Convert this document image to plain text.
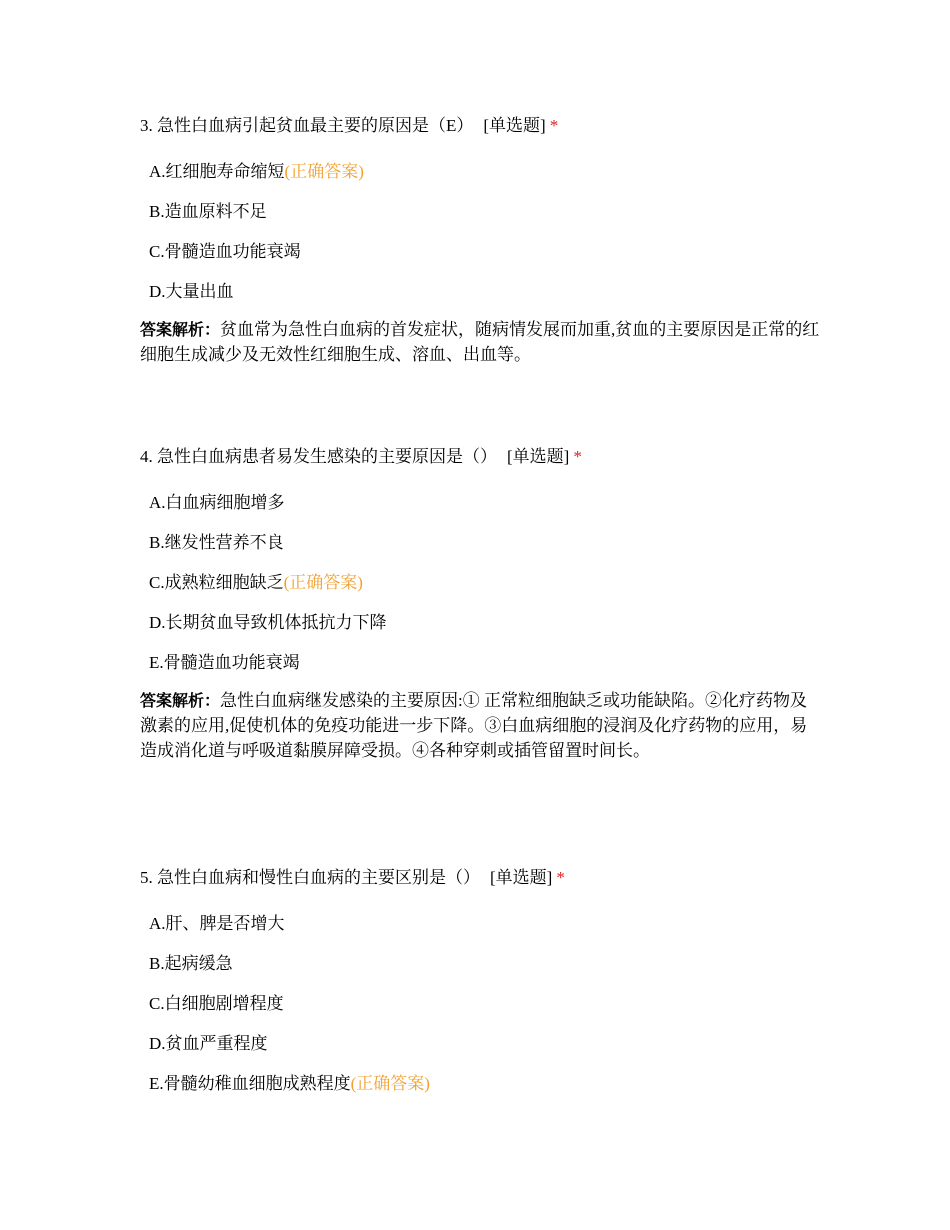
3. 急性白血病引起贫血最主要的原因是（E） [单选题] *
A.红细胞寿命缩短(正确答案)
B.造血原料不足
C.骨髓造血功能衰竭
D.大量出血
答案解析：贫血常为急性白血病的首发症状，随病情发展而加重,贫血的主要原因是正常的红细胞生成减少及无效性红细胞生成、溶血、出血等。
4. 急性白血病患者易发生感染的主要原因是（） [单选题] *
A.白血病细胞增多
B.继发性营养不良
C.成熟粒细胞缺乏(正确答案)
D.长期贫血导致机体抵抗力下降
E.骨髓造血功能衰竭
答案解析：急性白血病继发感染的主要原因:① 正常粒细胞缺乏或功能缺陷。②化疗药物及激素的应用,促使机体的免疫功能进一步下降。③白血病细胞的浸润及化疗药物的应用，易造成消化道与呼吸道黏膜屏障受损。④各种穿刺或插管留置时间长。
5. 急性白血病和慢性白血病的主要区别是（） [单选题] *
A.肝、脾是否增大
B.起病缓急
C.白细胞剧增程度
D.贫血严重程度
E.骨髓幼稚血细胞成熟程度(正确答案)
